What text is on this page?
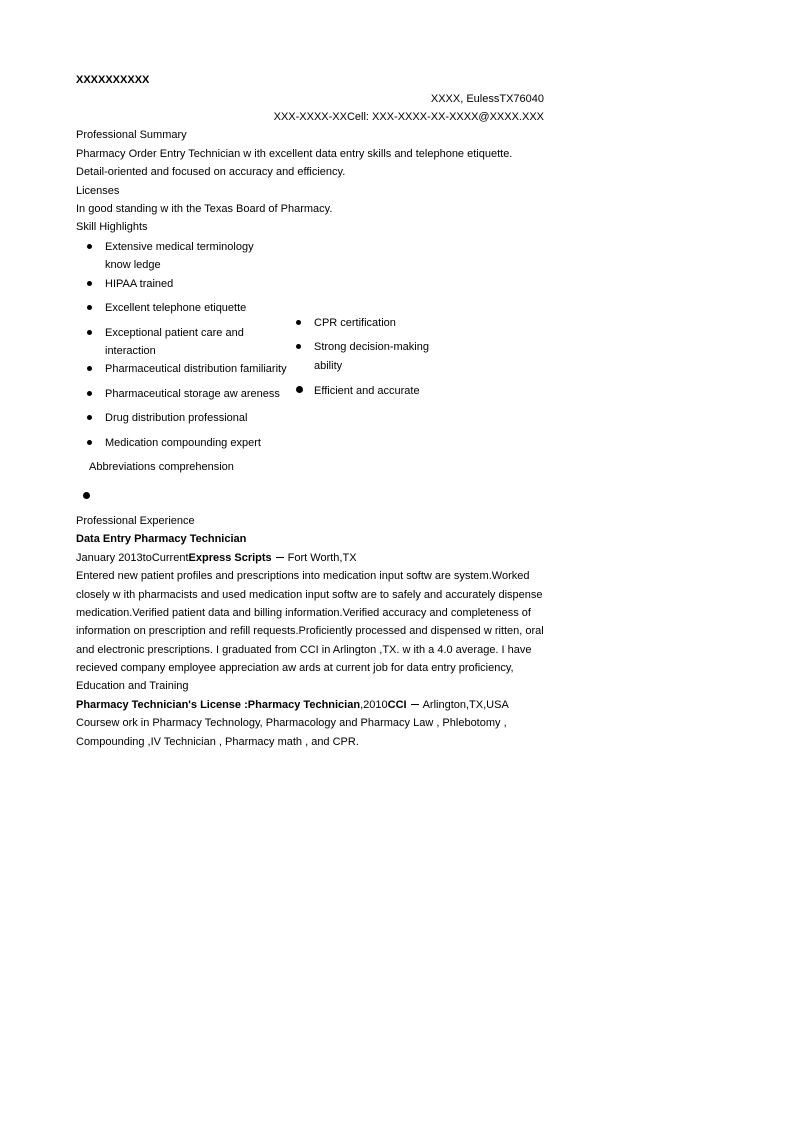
XXXXXXXXXX
XXXX, EulessTX76040
XXX-XXXX-XXCell: XXX-XXXX-XX-XXXX@XXXX.XXX
Professional Summary
Pharmacy Order Entry Technician w ith excellent data entry skills and telephone etiquette.
Detail-oriented and focused on accuracy and efficiency.
Licenses
In good standing w ith the Texas Board of Pharmacy.
Skill Highlights
Extensive medical terminology
know ledge
HIPAA trained
Excellent telephone etiquette
Exceptional patient care and
interaction
Pharmaceutical distribution familiarity
Pharmaceutical storage aw areness
Drug distribution professional
Medication compounding expert
CPR certification
Strong decision-making
ability
Efficient and accurate
Abbreviations comprehension
Professional Experience
Data Entry Pharmacy Technician
January 2013toCurrentExpress Scripts Fort Worth,TX
Entered new patient profiles and prescriptions into medication input softw are system.Worked
closely w ith pharmacists and used medication input softw are to safely and accurately dispense
medication.Verified patient data and billing information.Verified accuracy and completeness of
information on prescription and refill requests.Proficiently processed and dispensed w ritten, oral
and electronic prescriptions. I graduated from CCI in Arlington ,TX. w ith a 4.0 average. I have
recieved company employee appreciation aw ards at current job for data entry proficiency,
Education and Training
Pharmacy Technician's License :Pharmacy Technician,2010CCI Arlington,TX,USA
Coursew ork in Pharmacy Technology, Pharmacology and Pharmacy Law , Phlebotomy ,
Compounding ,IV Technician , Pharmacy math , and CPR.
